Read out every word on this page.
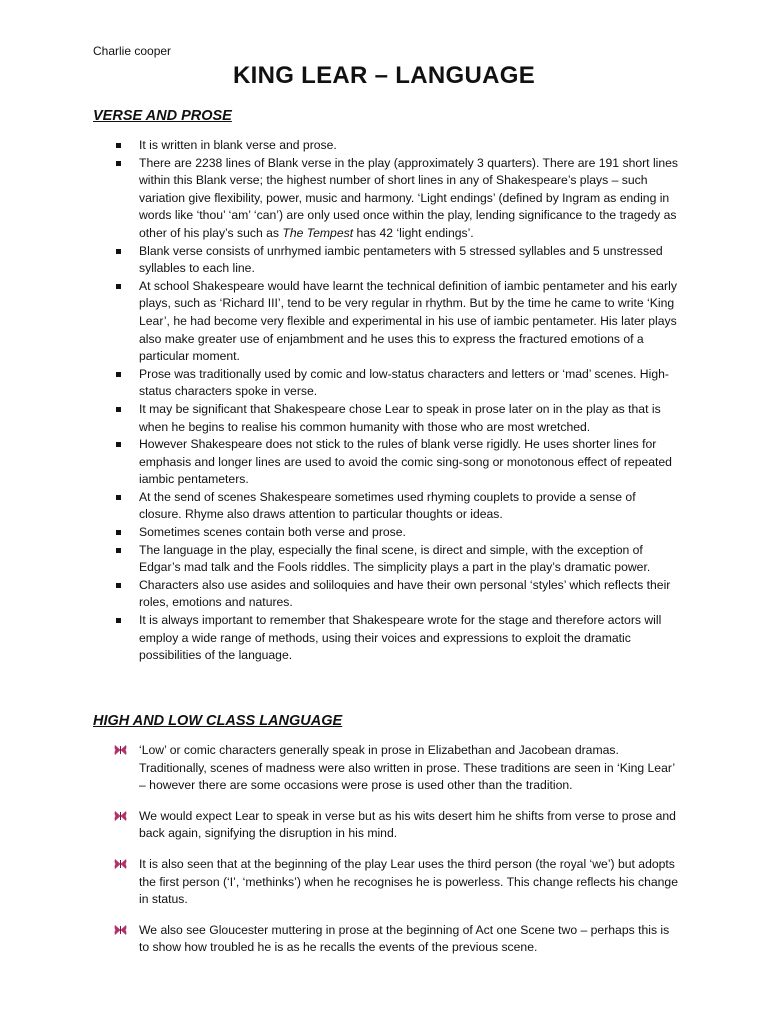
Charlie cooper
KING LEAR – LANGUAGE
VERSE AND PROSE
It is written in blank verse and prose.
There are 2238 lines of Blank verse in the play (approximately 3 quarters). There are 191 short lines within this Blank verse; the highest number of short lines in any of Shakespeare’s plays – such variation give flexibility, power, music and harmony. ‘Light endings’ (defined by Ingram as ending in words like ‘thou’ ‘am’ ‘can’) are only used once within the play, lending significance to the tragedy as other of his play’s such as The Tempest has 42 ‘light endings’.
Blank verse consists of unrhymed iambic pentameters with 5 stressed syllables and 5 unstressed syllables to each line.
At school Shakespeare would have learnt the technical definition of iambic pentameter and his early plays, such as ‘Richard III’, tend to be very regular in rhythm. But by the time he came to write ‘King Lear’, he had become very flexible and experimental in his use of iambic pentameter. His later plays also make greater use of enjambment and he uses this to express the fractured emotions of a particular moment.
Prose was traditionally used by comic and low-status characters and letters or ‘mad’ scenes. High-status characters spoke in verse.
It may be significant that Shakespeare chose Lear to speak in prose later on in the play as that is when he begins to realise his common humanity with those who are most wretched.
However Shakespeare does not stick to the rules of blank verse rigidly. He uses shorter lines for emphasis and longer lines are used to avoid the comic sing-song or monotonous effect of repeated iambic pentameters.
At the send of scenes Shakespeare sometimes used rhyming couplets to provide a sense of closure. Rhyme also draws attention to particular thoughts or ideas.
Sometimes scenes contain both verse and prose.
The language in the play, especially the final scene, is direct and simple, with the exception of Edgar’s mad talk and the Fools riddles. The simplicity plays a part in the play’s dramatic power.
Characters also use asides and soliloquies and have their own personal ‘styles’ which reflects their roles, emotions and natures.
It is always important to remember that Shakespeare wrote for the stage and therefore actors will employ a wide range of methods, using their voices and expressions to exploit the dramatic possibilities of the language.
HIGH AND LOW CLASS LANGUAGE
‘Low’ or comic characters generally speak in prose in Elizabethan and Jacobean dramas. Traditionally, scenes of madness were also written in prose. These traditions are seen in ‘King Lear’ – however there are some occasions were prose is used other than the tradition.
We would expect Lear to speak in verse but as his wits desert him he shifts from verse to prose and back again, signifying the disruption in his mind.
It is also seen that at the beginning of the play Lear uses the third person (the royal ‘we’) but adopts the first person (‘I’, ‘methinks’) when he recognises he is powerless. This change reflects his change in status.
We also see Gloucester muttering in prose at the beginning of Act one Scene two – perhaps this is to show how troubled he is as he recalls the events of the previous scene.
